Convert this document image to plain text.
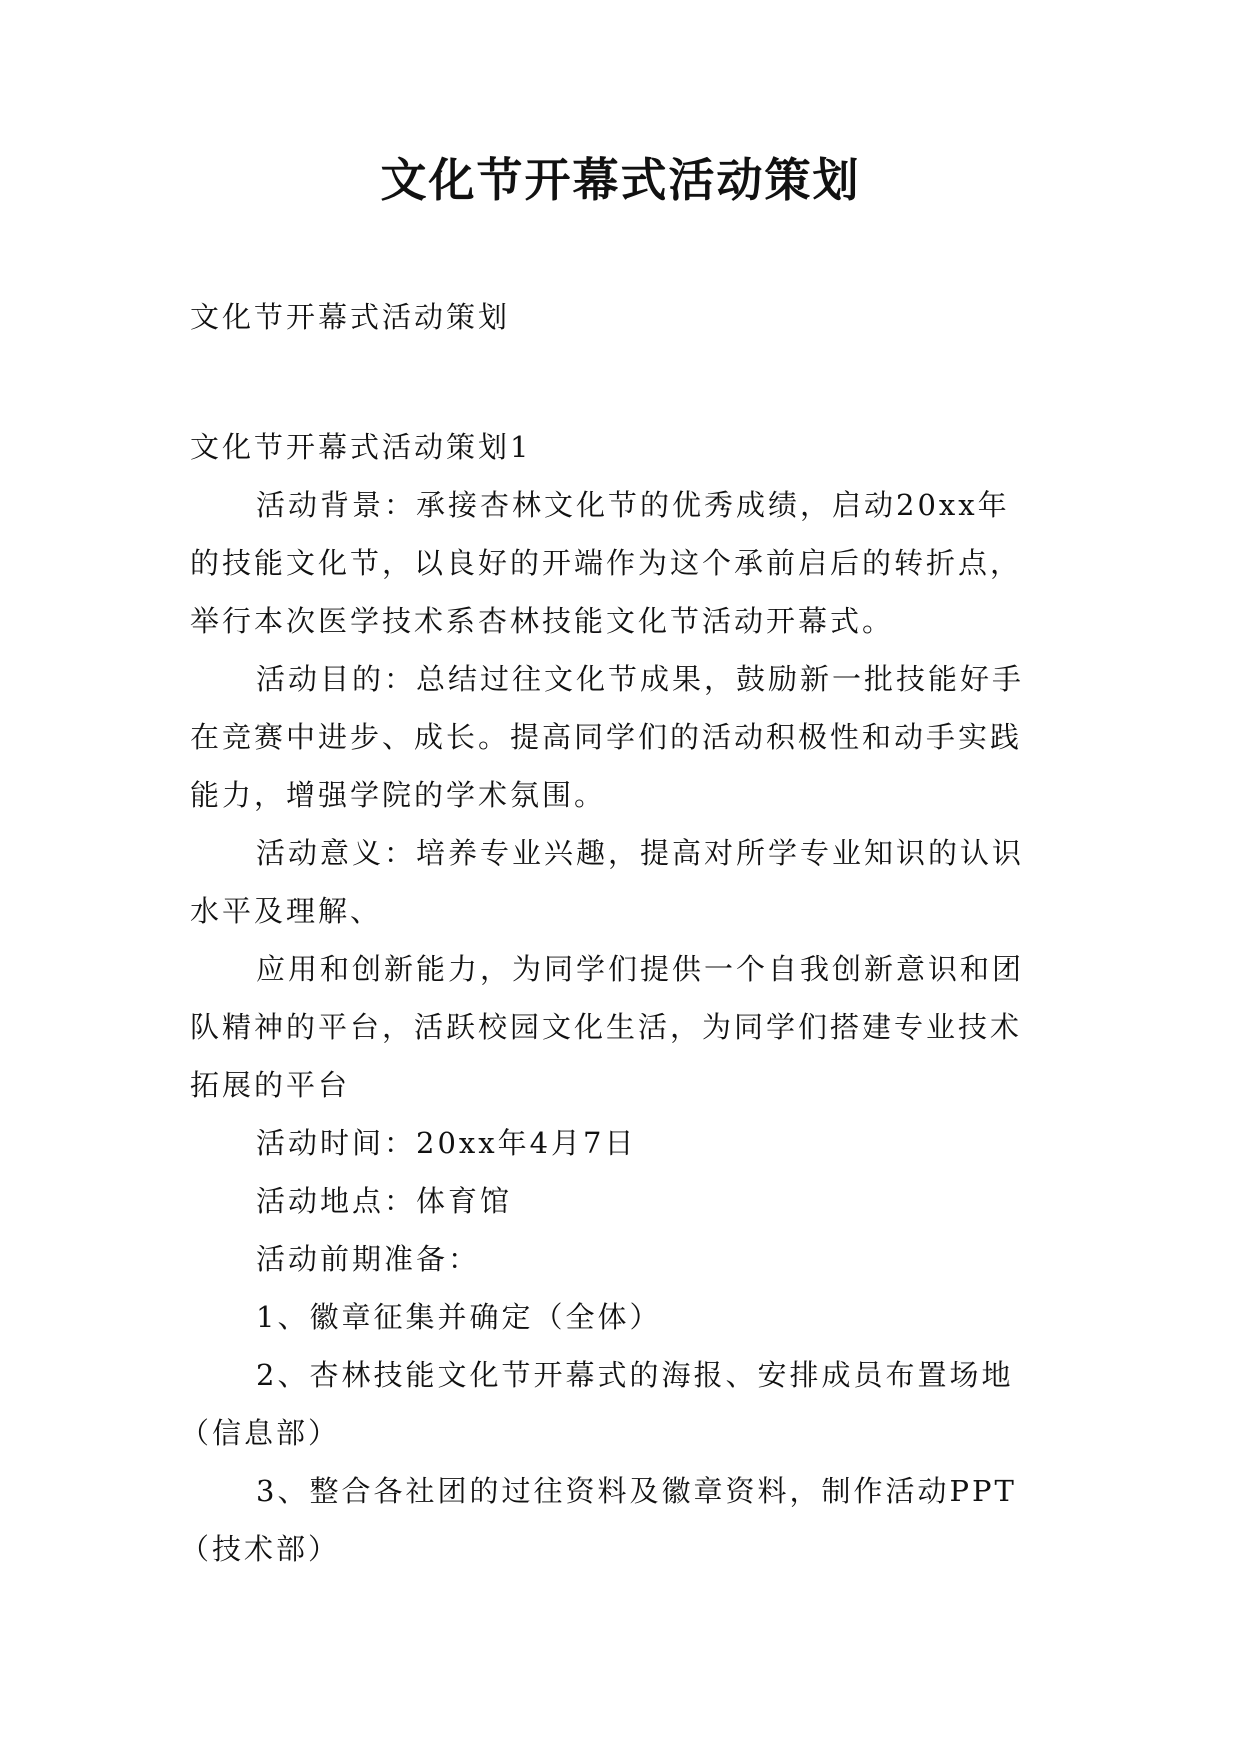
文化节开幕式活动策划
文化节开幕式活动策划
文化节开幕式活动策划1

活动背景：承接杏林文化节的优秀成绩，启动20xx年
的技能文化节，以良好的开端作为这个承前启后的转折点，
举行本次医学技术系杏林技能文化节活动开幕式。

活动目的：总结过往文化节成果，鼓励新一批技能好手
在竞赛中进步、成长。提高同学们的活动积极性和动手实践
能力，增强学院的学术氛围。

活动意义：培养专业兴趣，提高对所学专业知识的认识
水平及理解、

应用和创新能力，为同学们提供一个自我创新意识和团
队精神的平台，活跃校园文化生活，为同学们搭建专业技术
拓展的平台

活动时间：20xx年4月7日

活动地点：体育馆

活动前期准备：

1、徽章征集并确定（全体）

2、杏林技能文化节开幕式的海报、安排成员布置场地
（信息部）

3、整合各社团的过往资料及徽章资料，制作活动PPT
（技术部）
